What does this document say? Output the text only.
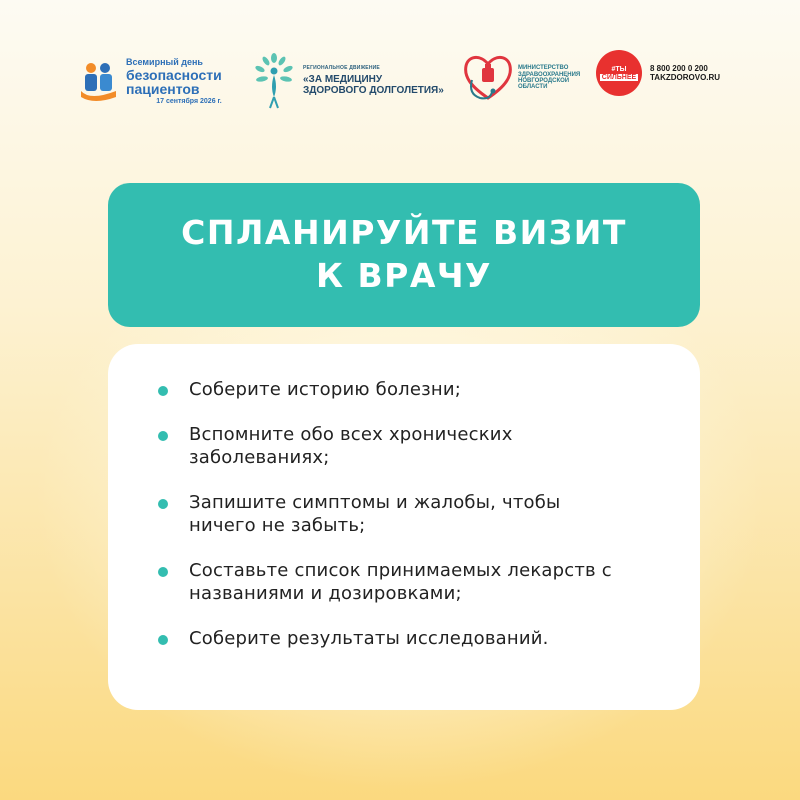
Всемирный день
безопасности
пациентов
17 сентября 2026 г.
РЕГИОНАЛЬНОЕ ДВИЖЕНИЕ
«ЗА МЕДИЦИНУ
ЗДОРОВОГО ДОЛГОЛЕТИЯ»
МИНИСТЕРСТВО
ЗДРАВООХРАНЕНИЯ
НОВГОРОДСКОЙ
ОБЛАСТИ
#ТЫ
СИЛЬНЕЕ
8 800 200 0 200
TAKZDOROVO.RU
СПЛАНИРУЙТЕ ВИЗИТ
К ВРАЧУ
Соберите историю болезни;
Вспомните обо всех хронических
заболеваниях;
Запишите симптомы и жалобы, чтобы
ничего не забыть;
Составьте список принимаемых лекарств с
названиями и дозировками;
Соберите результаты исследований.
